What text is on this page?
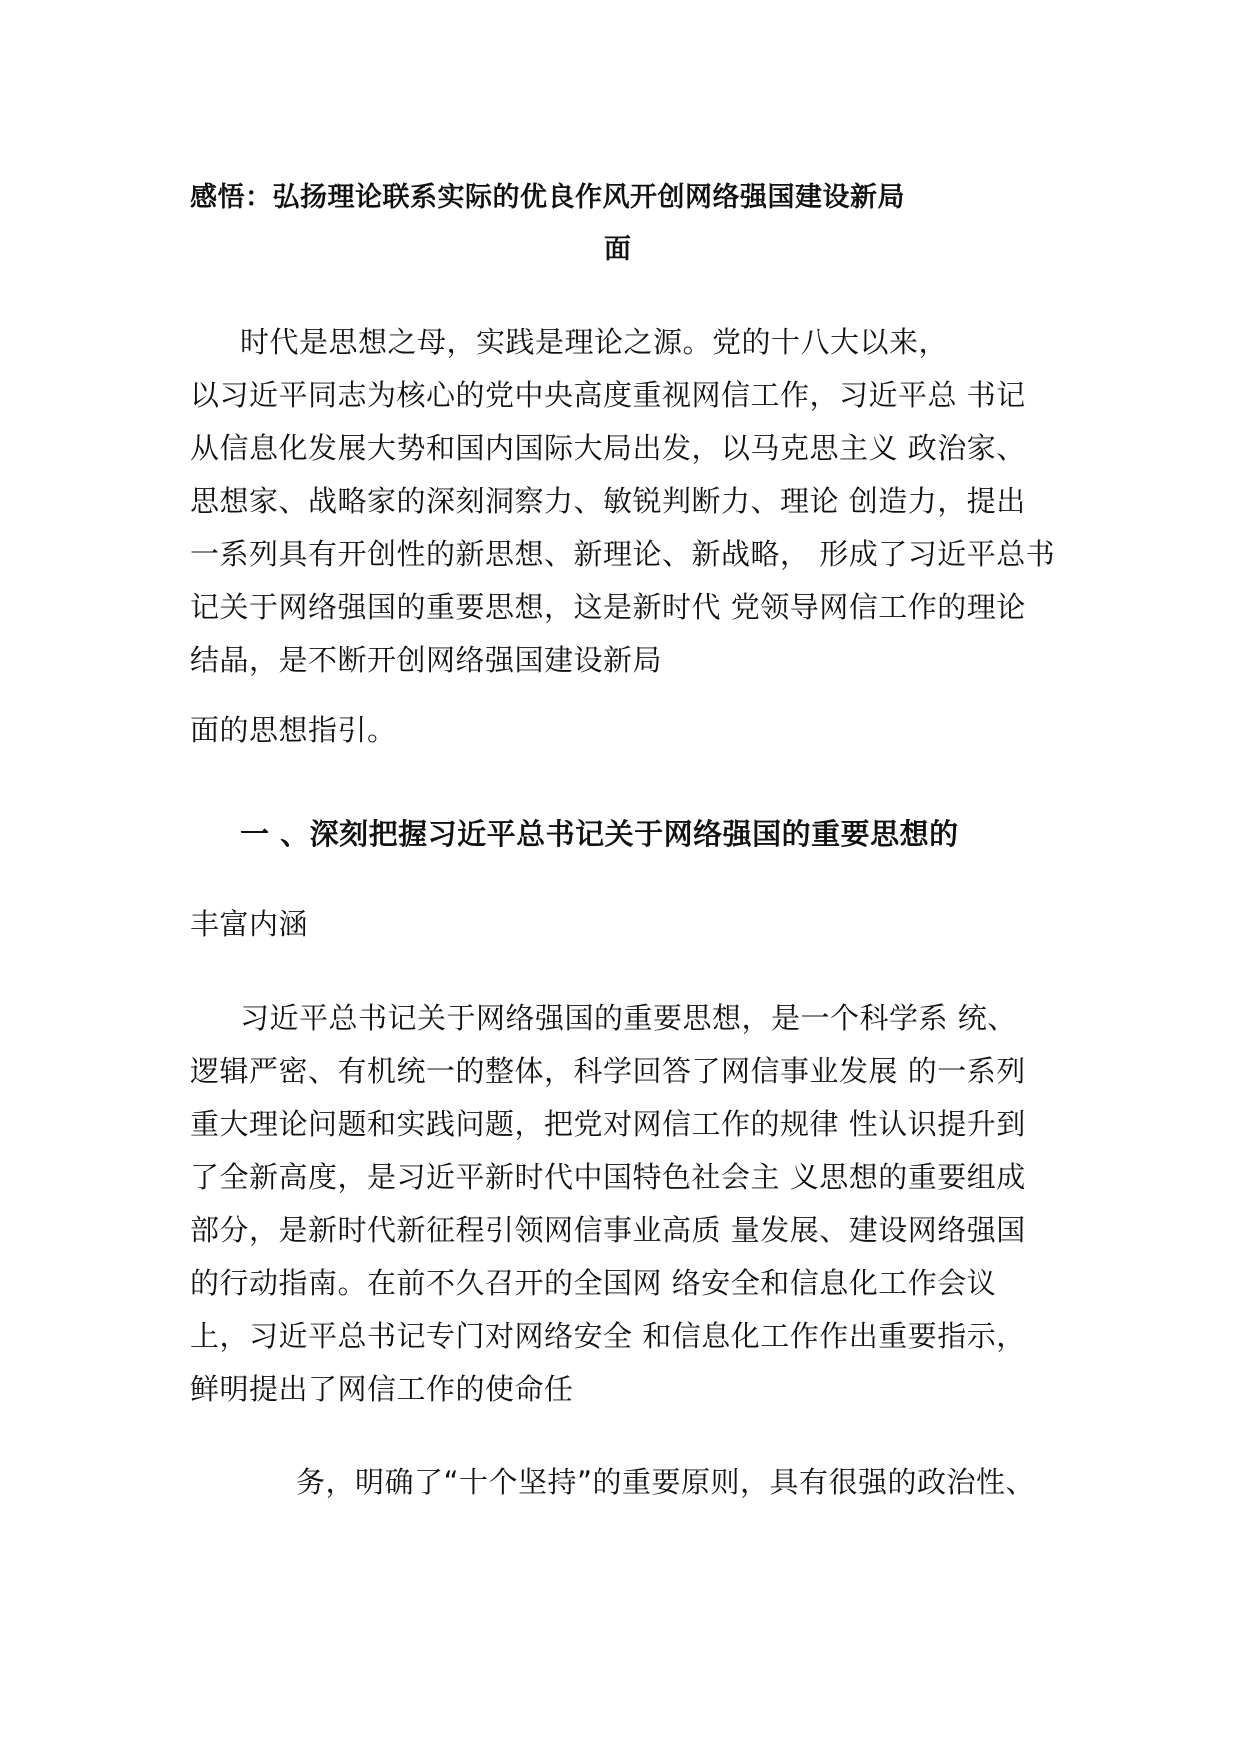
感悟：弘扬理论联系实际的优良作风开创网络强国建设新局
面
时代是思想之母，实践是理论之源。党的十八大以来，
以习近平同志为核心的党中央高度重视网信工作，习近平总 书记
从信息化发展大势和国内国际大局出发，以马克思主义 政治家、
思想家、战略家的深刻洞察力、敏锐判断力、理论 创造力，提出
一系列具有开创性的新思想、新理论、新战略， 形成了习近平总书
记关于网络强国的重要思想，这是新时代 党领导网信工作的理论
结晶，是不断开创网络强国建设新局
面的思想指引。
一 、深刻把握习近平总书记关于网络强国的重要思想的
丰富内涵
习近平总书记关于网络强国的重要思想，是一个科学系 统、
逻辑严密、有机统一的整体，科学回答了网信事业发展 的一系列
重大理论问题和实践问题，把党对网信工作的规律 性认识提升到
了全新高度，是习近平新时代中国特色社会主 义思想的重要组成
部分，是新时代新征程引领网信事业高质 量发展、建设网络强国
的行动指南。在前不久召开的全国网 络安全和信息化工作会议
上，习近平总书记专门对网络安全 和信息化工作作出重要指示，
鲜明提出了网信工作的使命任
务，明确了“十个坚持”的重要原则，具有很强的政治性、
